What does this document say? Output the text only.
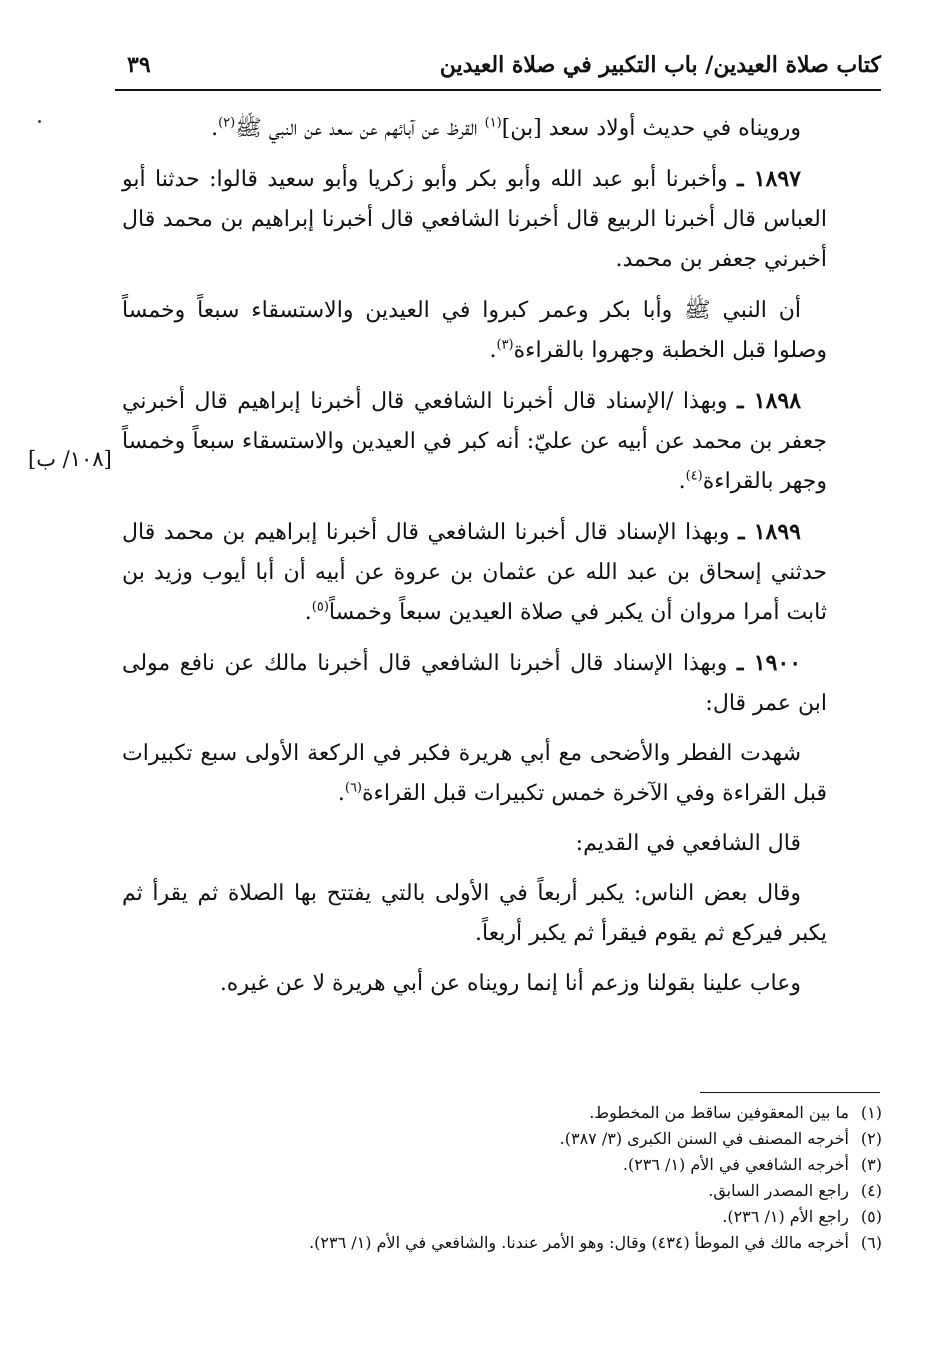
كتاب صلاة العيدين/ باب التكبير في صلاة العيدين
٣٩
[١٠٨/ ب]

ورويناه في حديث أولاد سعد [بن]$^{(١)}$ القرظ عن آبائهم عن سعد عن النبي ﷺ$^{(٢)}$.

١٨٩٧ ـ وأخبرنا أبو عبد الله وأبو بكر وأبو زكريا وأبو سعيد قالوا: حدثنا أبو العباس قال أخبرنا الربيع قال أخبرنا الشافعي قال أخبرنا إبراهيم بن محمد قال أخبرني جعفر بن محمد.

أن النبي ﷺ وأبا بكر وعمر كبروا في العيدين والاستسقاء سبعاً وخمساً وصلوا قبل الخطبة وجهروا بالقراءة$^{(٣)}$.

١٨٩٨ ـ وبهذا /الإسناد قال أخبرنا الشافعي قال أخبرنا إبراهيم قال أخبرني جعفر بن محمد عن أبيه عن عليّ: أنه كبر في العيدين والاستسقاء سبعاً وخمساً وجهر بالقراءة$^{(٤)}$.

١٨٩٩ ـ وبهذا الإسناد قال أخبرنا الشافعي قال أخبرنا إبراهيم بن محمد قال حدثني إسحاق بن عبد الله عن عثمان بن عروة عن أبيه أن أبا أيوب وزيد بن ثابت أمرا مروان أن يكبر في صلاة العيدين سبعاً وخمساً$^{(٥)}$.

١٩٠٠ ـ وبهذا الإسناد قال أخبرنا الشافعي قال أخبرنا مالك عن نافع مولى ابن عمر قال:

شهدت الفطر والأضحى مع أبي هريرة فكبر في الركعة الأولى سبع تكبيرات قبل القراءة وفي الآخرة خمس تكبيرات قبل القراءة$^{(٦)}$.

قال الشافعي في القديم:

وقال بعض الناس: يكبر أربعاً في الأولى بالتي يفتتح بها الصلاة ثم يقرأ ثم يكبر فيركع ثم يقوم فيقرأ ثم يكبر أربعاً.

وعاب علينا بقولنا وزعم أنا إنما رويناه عن أبي هريرة لا عن غيره.

(١) ما بين المعقوفين ساقط من المخطوط.

(٢) أخرجه المصنف في السنن الكبرى (٣/ ٣٨٧).

(٣) أخرجه الشافعي في الأم (١/ ٢٣٦).

(٤) راجع المصدر السابق.

(٥) راجع الأم (١/ ٢٣٦).

(٦) أخرجه مالك في الموطأ (٤٣٤) وقال: وهو الأمر عندنا. والشافعي في الأم (١/ ٢٣٦).
